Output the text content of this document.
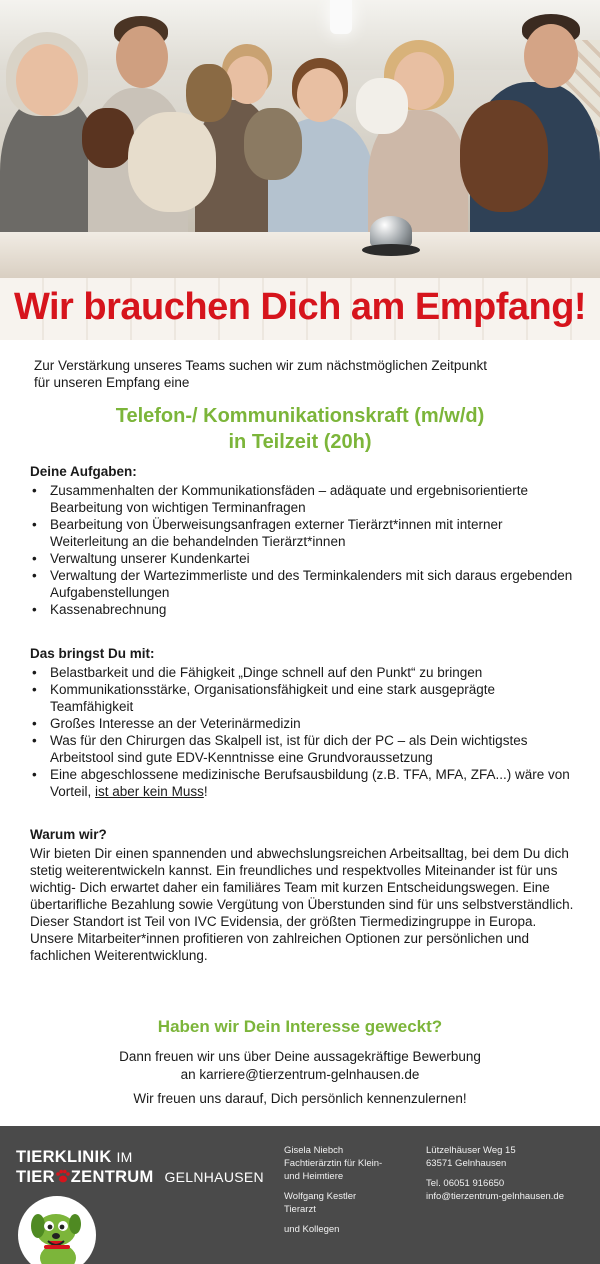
Wir brauchen Dich am Empfang!
Zur Verstärkung unseres Teams suchen wir zum nächstmöglichen Zeitpunkt
für unseren Empfang eine
Telefon-/ Kommunikationskraft (m/w/d)
in Teilzeit (20h)
Deine Aufgaben:
• Zusammenhalten der Kommunikationsfäden – adäquate und ergebnisorientierte Bearbeitung von wichtigen Terminanfragen
• Bearbeitung von Überweisungsanfragen externer Tierärzt*innen mit interner Weiterleitung an die behandelnden Tierärzt*innen
• Verwaltung unserer Kundenkartei
• Verwaltung der Wartezimmerliste und des Terminkalenders mit sich daraus ergebenden Aufgabenstellungen
• Kassenabrechnung
Das bringst Du mit:
• Belastbarkeit und die Fähigkeit „Dinge schnell auf den Punkt“ zu bringen
• Kommunikationsstärke, Organisationsfähigkeit und eine stark ausgeprägte Teamfähigkeit
• Großes Interesse an der Veterinärmedizin
• Was für den Chirurgen das Skalpell ist, ist für dich der PC – als Dein wichtigstes Arbeitstool sind gute EDV-Kenntnisse eine Grundvoraussetzung
• Eine abgeschlossene medizinische Berufsausbildung (z.B. TFA, MFA, ZFA...) wäre von Vorteil, ist aber kein Muss!
Warum wir?

Wir bieten Dir einen spannenden und abwechslungsreichen Arbeitsalltag, bei dem Du dich stetig weiterentwickeln kannst. Ein freundliches und respektvolles Miteinander ist für uns wichtig- Dich erwartet daher ein familiäres Team mit kurzen Entscheidungswegen. Eine übertarifliche Bezahlung sowie Vergütung von Überstunden sind für uns selbstverständlich.

Dieser Standort ist Teil von IVC Evidensia, der größten Tiermedizingruppe in Europa. Unsere Mitarbeiter*innen profitieren von zahlreichen Optionen zur persönlichen und fachlichen Weiterentwicklung.

Haben wir Dein Interesse geweckt?
Dann freuen wir uns über Deine aussagekräftige Bewerbung
an karriere@tierzentrum-gelnhausen.de
Wir freuen uns darauf, Dich persönlich kennenzulernen!
TIERKLINIK IM
TIER ZENTRUM GELNHAUSEN
Gisela Niebch
Fachtierärztin für Klein-
und Heimtiere
Wolfgang Kestler
Tierarzt
und Kollegen
Lützelhäuser Weg 15
63571 Gelnhausen
Tel. 06051 916650
info@tierzentrum-gelnhausen.de
